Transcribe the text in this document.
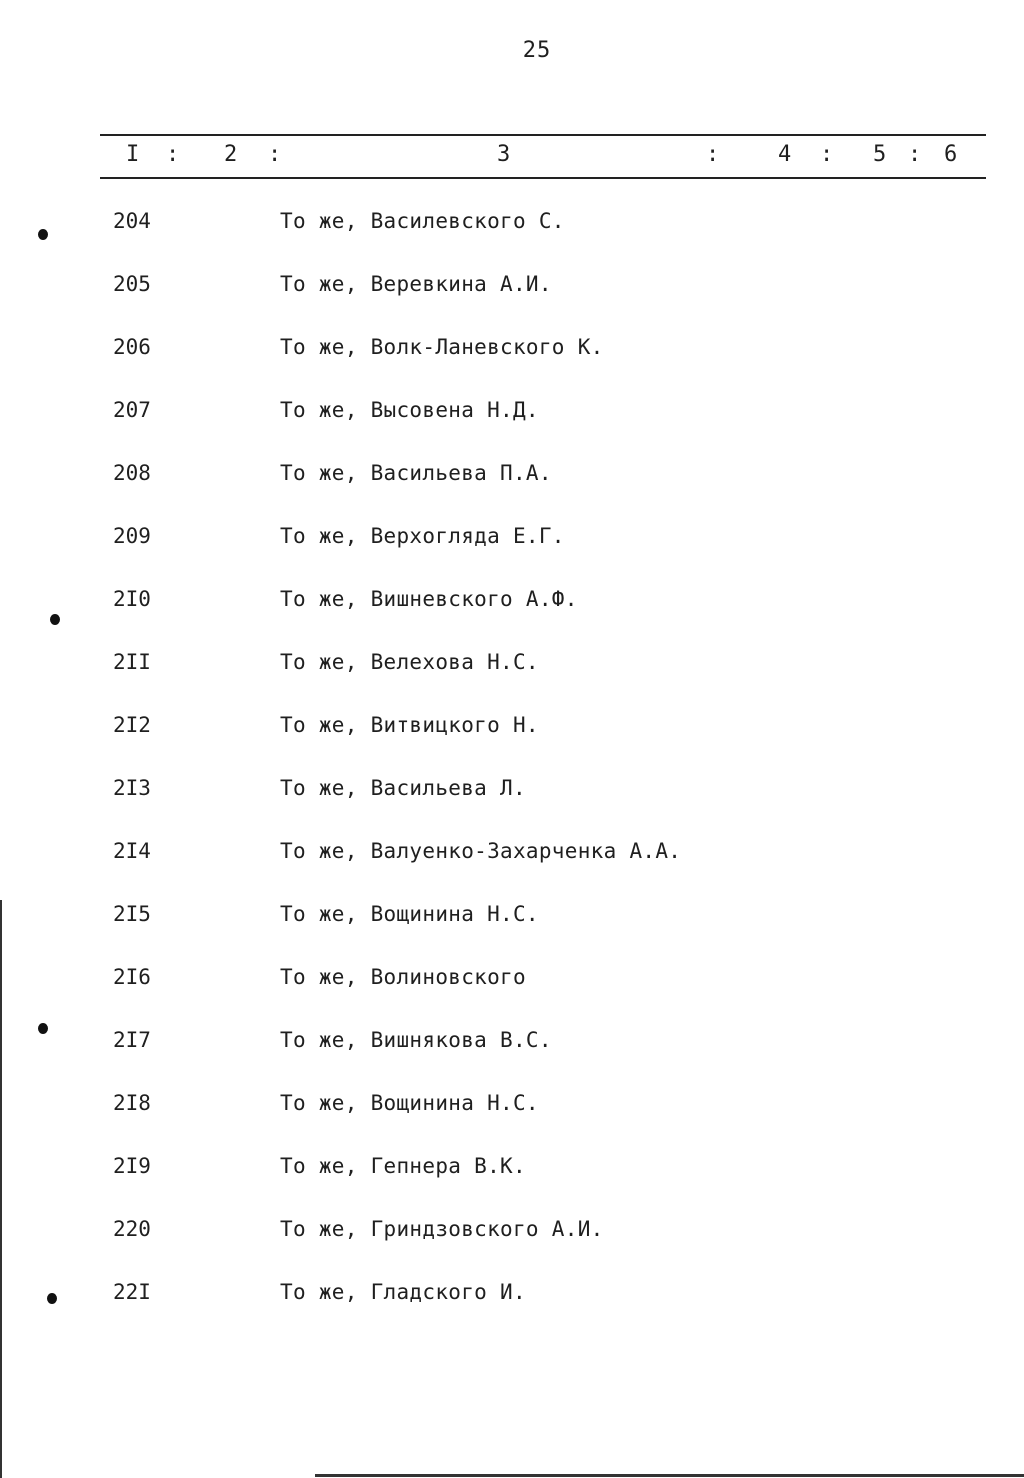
25
I : 2 :	3	:	4 : 5 : 6
204	То же, Василевского С.
205	То же, Веревкина А.И.
206	То же, Волк-Ланевского К.
207	То же, Высовена Н.Д.
208	То же, Васильева П.А.
209	То же, Верхогляда Е.Г.
2I0	То же, Вишневского А.Ф.
2II	То же, Велехова Н.С.
2I2	То же, Витвицкого Н.
2I3	То же, Васильева Л.
2I4	То же, Валуенко-Захарченка А.А.
2I5	То же, Вощинина Н.С.
2I6	То же, Волиновского
2I7	То же, Вишнякова В.С.
2I8	То же, Вощинина Н.С.
2I9	То же, Гепнера В.К.
220	То же, Гриндзовского А.И.
22I	То же, Гладского И.
